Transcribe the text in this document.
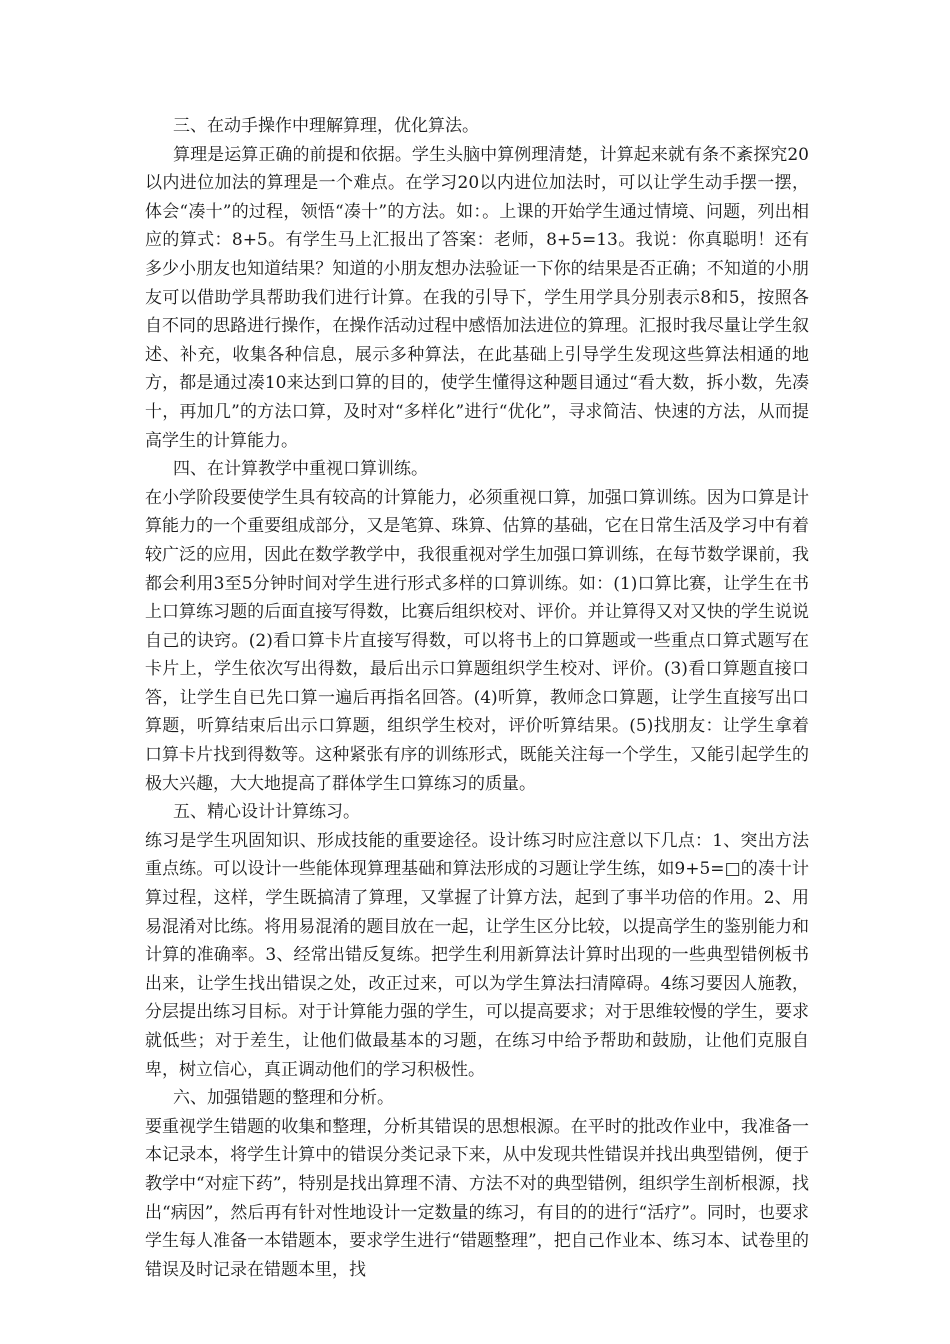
三、在动手操作中理解算理，优化算法。

算理是运算正确的前提和依据。学生头脑中算例理清楚，计算起来就有条不紊探究20以内进位加法的算理是一个难点。在学习20以内进位加法时，可以让学生动手摆一摆，体会“凑十”的过程，领悟“凑十”的方法。如：。上课的开始学生通过情境、问题，列出相应的算式：8+5。有学生马上汇报出了答案：老师，8+5=13。我说：你真聪明！还有多少小朋友也知道结果？知道的小朋友想办法验证一下你的结果是否正确；不知道的小朋友可以借助学具帮助我们进行计算。在我的引导下，学生用学具分别表示8和5，按照各自不同的思路进行操作，在操作活动过程中感悟加法进位的算理。汇报时我尽量让学生叙述、补充，收集各种信息，展示多种算法，在此基础上引导学生发现这些算法相通的地方，都是通过凑10来达到口算的目的，使学生懂得这种题目通过“看大数，拆小数，先凑十，再加几”的方法口算，及时对“多样化”进行“优化”，寻求简洁、快速的方法，从而提高学生的计算能力。

四、在计算教学中重视口算训练。

在小学阶段要使学生具有较高的计算能力，必须重视口算，加强口算训练。因为口算是计算能力的一个重要组成部分，又是笔算、珠算、估算的基础，它在日常生活及学习中有着较广泛的应用，因此在数学教学中，我很重视对学生加强口算训练，在每节数学课前，我都会利用3至5分钟时间对学生进行形式多样的口算训练。如：(1)口算比赛，让学生在书上口算练习题的后面直接写得数，比赛后组织校对、评价。并让算得又对又快的学生说说自己的诀窍。(2)看口算卡片直接写得数，可以将书上的口算题或一些重点口算式题写在卡片上，学生依次写出得数，最后出示口算题组织学生校对、评价。(3)看口算题直接口答，让学生自已先口算一遍后再指名回答。(4)听算，教师念口算题，让学生直接写出口算题，听算结束后出示口算题，组织学生校对，评价听算结果。(5)找朋友：让学生拿着口算卡片找到得数等。这种紧张有序的训练形式，既能关注每一个学生，又能引起学生的极大兴趣，大大地提高了群体学生口算练习的质量。

五、精心设计计算练习。

练习是学生巩固知识、形成技能的重要途径。设计练习时应注意以下几点：1、突出方法重点练。可以设计一些能体现算理基础和算法形成的习题让学生练，如9+5=□的凑十计算过程，这样，学生既搞清了算理，又掌握了计算方法，起到了事半功倍的作用。2、用易混淆对比练。将用易混淆的题目放在一起，让学生区分比较，以提高学生的鉴别能力和计算的准确率。3、经常出错反复练。把学生利用新算法计算时出现的一些典型错例板书出来，让学生找出错误之处，改正过来，可以为学生算法扫清障碍。4练习要因人施教，分层提出练习目标。对于计算能力强的学生，可以提高要求；对于思维较慢的学生，要求就低些；对于差生，让他们做最基本的习题，在练习中给予帮助和鼓励，让他们克服自卑，树立信心，真正调动他们的学习积极性。

六、加强错题的整理和分析。

要重视学生错题的收集和整理，分析其错误的思想根源。在平时的批改作业中，我准备一本记录本，将学生计算中的错误分类记录下来，从中发现共性错误并找出典型错例，便于教学中“对症下药”，特别是找出算理不清、方法不对的典型错例，组织学生剖析根源，找出“病因”，然后再有针对性地设计一定数量的练习，有目的的进行“活疗”。同时，也要求学生每人准备一本错题本，要求学生进行“错题整理”，把自己作业本、练习本、试卷里的错误及时记录在错题本里，找
